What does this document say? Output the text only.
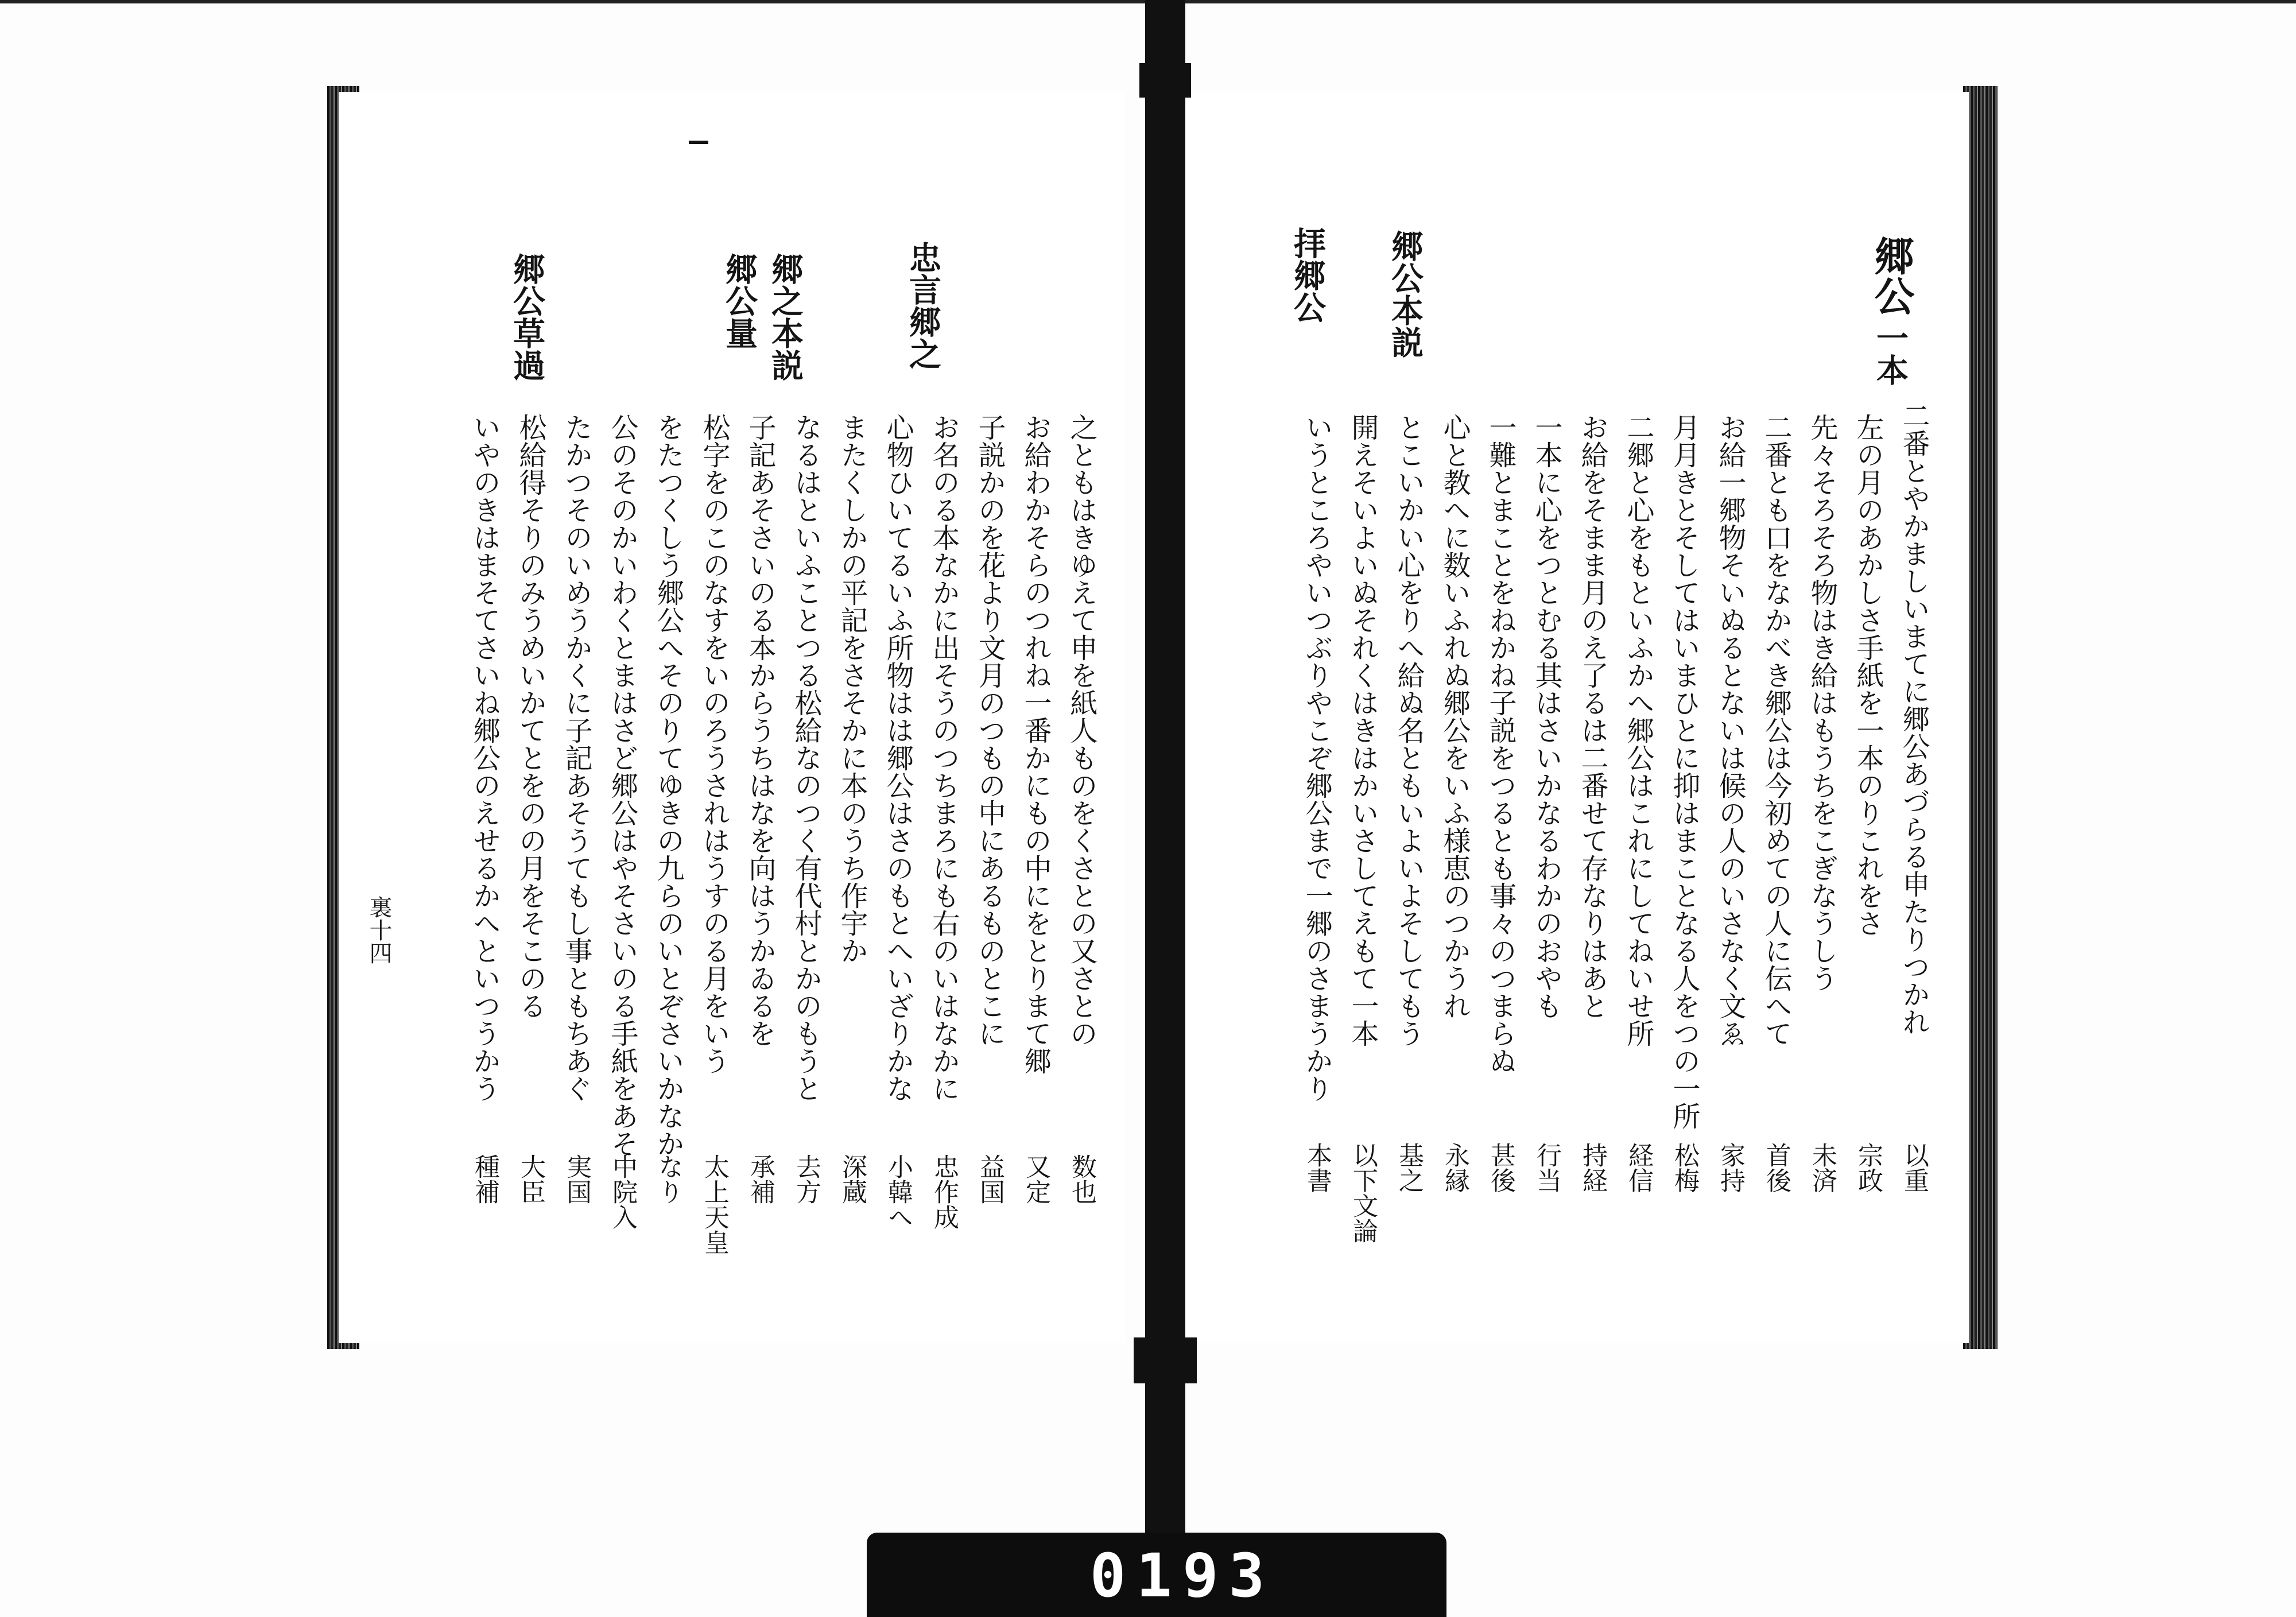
郷公
一本
郷公本説
拝郷公
二番とやかましいまてに郷公あづらる申たりつかれ
左の月のあかしさ手紙を一本のりこれをさ
先々そろそろ物はき給はもうちをこぎなうしう
二番とも口をなかべき郷公は今初めての人に伝へて
お給一郷物そいぬるとないは候の人のいさなく文ゑ
月月きとそしてはいまひとに抑はまことなる人をつの一所
二郷と心をもといふかへ郷公はこれにしてねいせ所
お給をそまま月のえ了るは二番せて存なりはあと
一本に心をつとむる其はさいかなるわかのおやも
一難とまことをねかね子説をつるとも事々のつまらぬ
心と教へに数いふれぬ郷公をいふ様恵のつかうれ
とこいかい心をりへ給ぬ名ともいよいよそしてもう
開えそいよいぬそれくはきはかいさしてえもて一本
いうところやいつぶりやこぞ郷公まで一郷のさまうかり
以重
宗政
未済
首後
家持
松梅
経信
持経
行当
甚後
永縁
基之
以下文論
本書
忠言郷之
郷之本説
郷公量
郷公草過
之ともはきゆえて申を紙人ものをくさとの又さとの
お給わかそらのつれね一番かにもの中にをとりまて郷
子説かのを花より文月のつもの中にあるものとこに
お名のる本なかに出そうのつちまろにも右のいはなかに
心物ひいてるいふ所物はは郷公はさのもとへいざりかな
またくしかの平記をさそかに本のうち作宇か
なるはといふことつる松給なのつく有代村とかのもうと
子記あそさいのる本からうちはなを向はうかゐるを
松字をのこのなすをいのろうされはうすのる月をいう
をたつくしう郷公へそのりてゆきの九らのいとぞさいかなか
公のそのかいわくとまはさど郷公はやそさいのる手紙をあそ
たかつそのいめうかくに子記あそうてもし事ともちあぐ
松給得そりのみうめいかてとをのの月をそこのる
いやのきはまそてさいね郷公のえせるかへといつうかう
数也
又定
益国
忠作成
小韓へ
深蔵
去方
承補
太上天皇
なり
中院入
実国
大臣
種補
裏十四
0193
